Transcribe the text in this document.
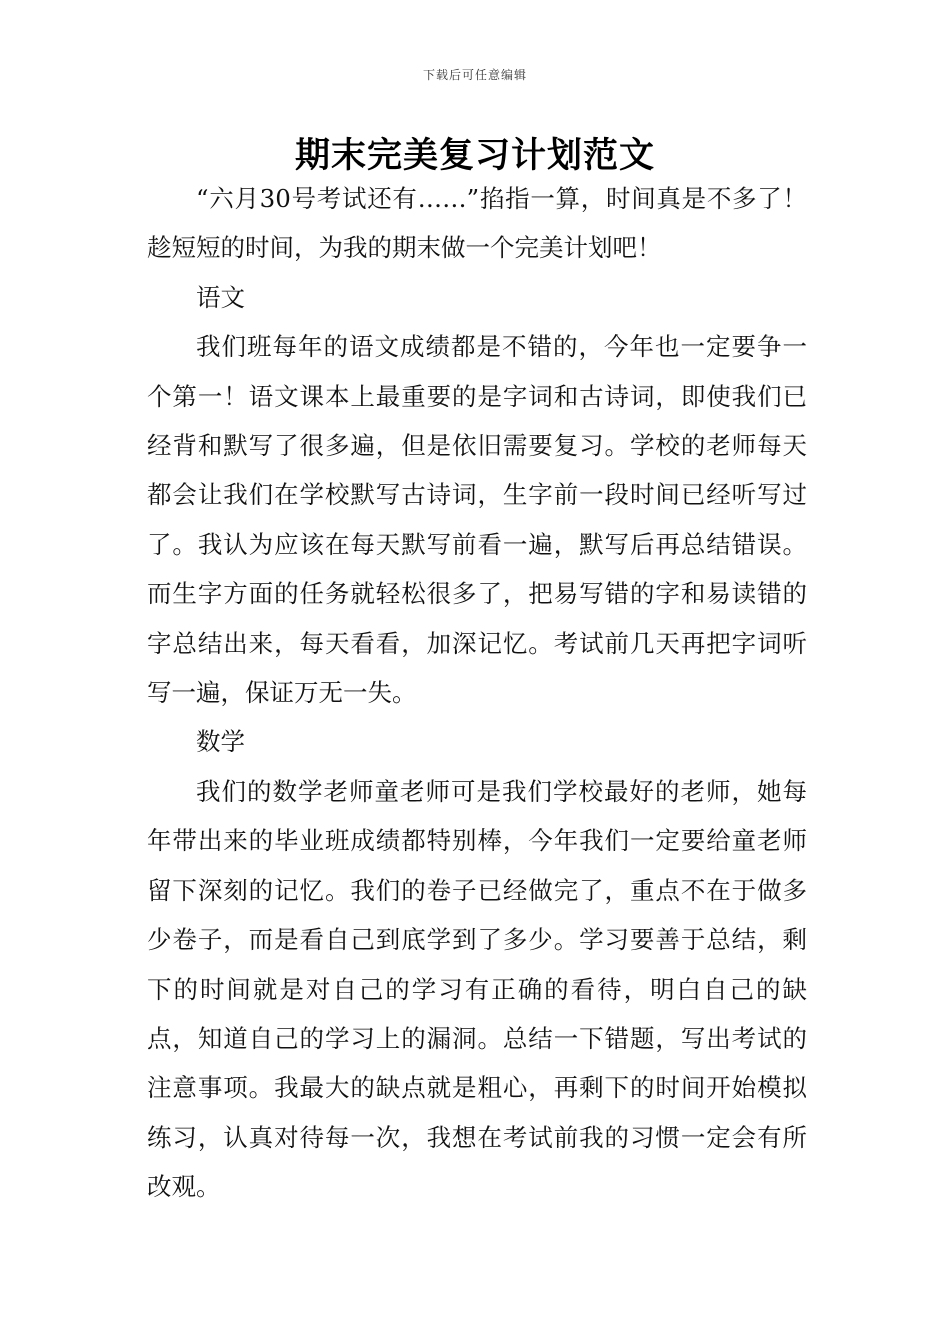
下载后可任意编辑
期末完美复习计划范文

“六月30号考试还有……”掐指一算，时间真是不多了！趁短短的时间，为我的期末做一个完美计划吧！

语文

我们班每年的语文成绩都是不错的，今年也一定要争一个第一！语文课本上最重要的是字词和古诗词，即使我们已经背和默写了很多遍，但是依旧需要复习。学校的老师每天都会让我们在学校默写古诗词，生字前一段时间已经听写过了。我认为应该在每天默写前看一遍，默写后再总结错误。而生字方面的任务就轻松很多了，把易写错的字和易读错的字总结出来，每天看看，加深记忆。考试前几天再把字词听写一遍，保证万无一失。

数学

我们的数学老师童老师可是我们学校最好的老师，她每年带出来的毕业班成绩都特别棒，今年我们一定要给童老师留下深刻的记忆。我们的卷子已经做完了，重点不在于做多少卷子，而是看自己到底学到了多少。学习要善于总结，剩下的时间就是对自己的学习有正确的看待，明白自己的缺点，知道自己的学习上的漏洞。总结一下错题，写出考试的注意事项。我最大的缺点就是粗心，再剩下的时间开始模拟练习，认真对待每一次，我想在考试前我的习惯一定会有所改观。
